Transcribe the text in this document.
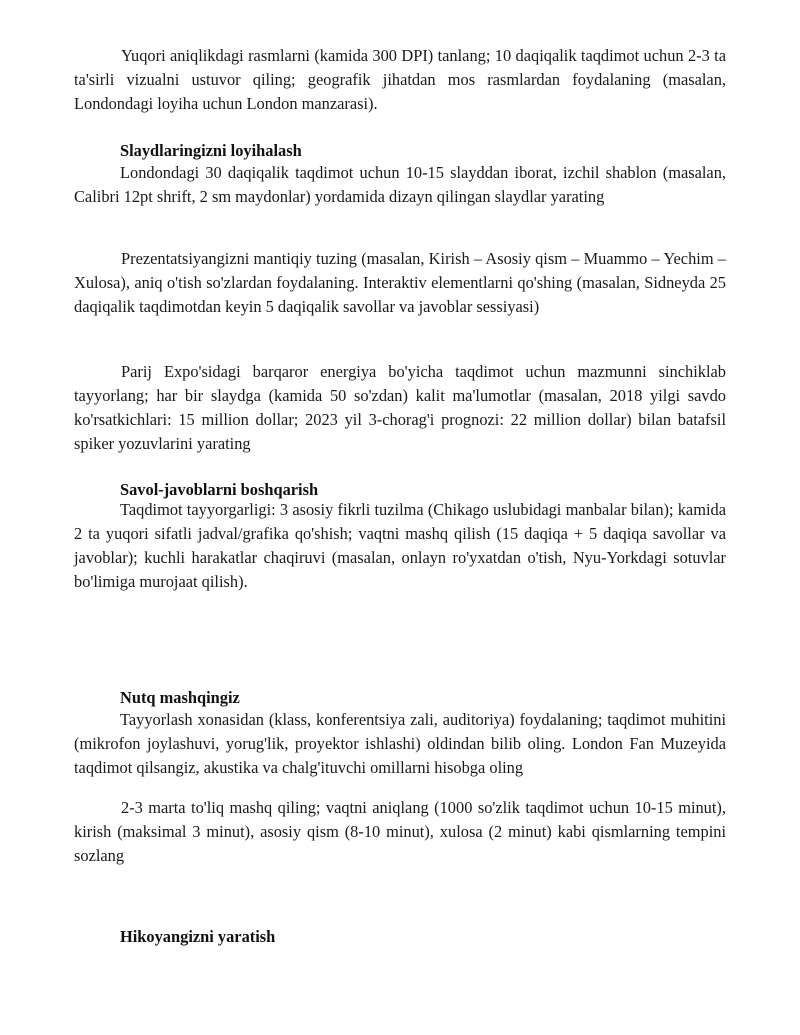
Yuqori aniqlikdagi rasmlarni (kamida 300 DPI) tanlang; 10 daqiqalik taqdimot uchun 2-3 ta ta'sirli vizualni ustuvor qiling; geografik jihatdan mos rasmlardan foydalaning (masalan, Londondagi loyiha uchun London manzarasi).

Slaydlaringizni loyihalash

Londondagi 30 daqiqalik taqdimot uchun 10-15 slayddan iborat, izchil shablon (masalan, Calibri 12pt shrift, 2 sm maydonlar) yordamida dizayn qilingan slaydlar yarating

Prezentatsiyangizni mantiqiy tuzing (masalan, Kirish – Asosiy qism – Muammo – Yechim – Xulosa), aniq o'tish so'zlardan foydalaning. Interaktiv elementlarni qo'shing (masalan, Sidneyda 25 daqiqalik taqdimotdan keyin 5 daqiqalik savollar va javoblar sessiyasi)

Parij Expo'sidagi barqaror energiya bo'yicha taqdimot uchun mazmunni sinchiklab tayyorlang; har bir slaydga (kamida 50 so'zdan) kalit ma'lumotlar (masalan, 2018 yilgi savdo ko'rsatkichlari: 15 million dollar; 2023 yil 3-chorag'i prognozi: 22 million dollar) bilan batafsil spiker yozuvlarini yarating

Savol-javoblarni boshqarish

Taqdimot tayyorgarligi: 3 asosiy fikrli tuzilma (Chikago uslubidagi manbalar bilan); kamida 2 ta yuqori sifatli jadval/grafika qo'shish; vaqtni mashq qilish (15 daqiqa + 5 daqiqa savollar va javoblar); kuchli harakatlar chaqiruvi (masalan, onlayn ro'yxatdan o'tish, Nyu-Yorkdagi sotuvlar bo'limiga murojaat qilish).

Nutq mashqingiz

Tayyorlash xonasidan (klass, konferentsiya zali, auditoriya) foydalaning; taqdimot muhitini (mikrofon joylashuvi, yorug'lik, proyektor ishlashi) oldindan bilib oling. London Fan Muzeyida taqdimot qilsangiz, akustika va chalg'ituvchi omillarni hisobga oling

2-3 marta to'liq mashq qiling; vaqtni aniqlang (1000 so'zlik taqdimot uchun 10-15 minut), kirish (maksimal 3 minut), asosiy qism (8-10 minut), xulosa (2 minut) kabi qismlarning tempini sozlang

Hikoyangizni yaratish
